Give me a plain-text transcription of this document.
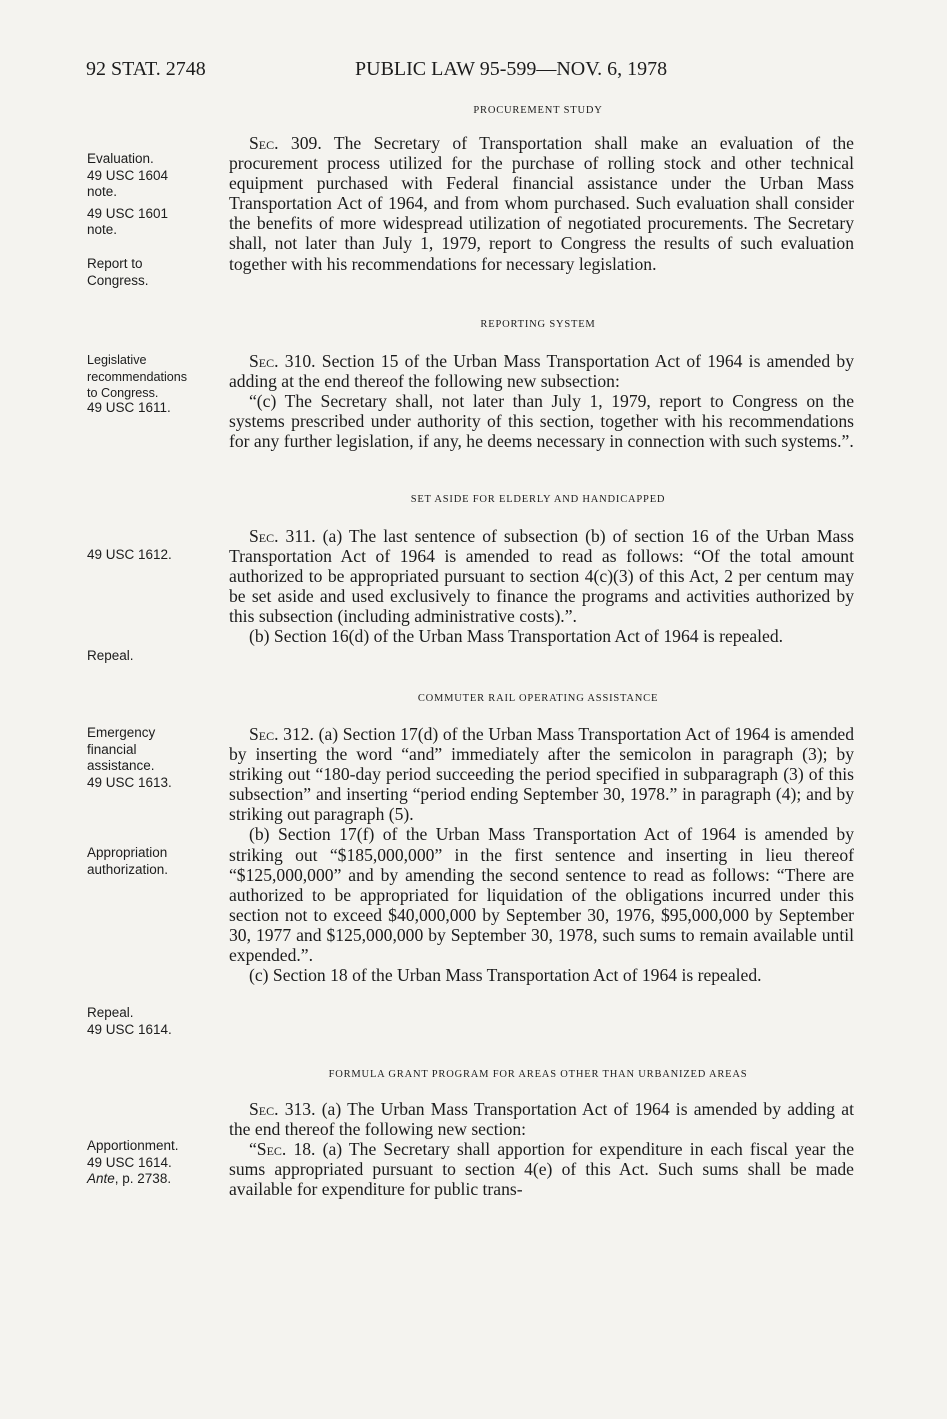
92 STAT. 2748	PUBLIC LAW 95-599—NOV. 6, 1978
Evaluation.
49 USC 1604
note.
49 USC 1601
note.
Report to
Congress.
Legislative
recommendations
to Congress.
49 USC 1611.
49 USC 1612.
Repeal.
Emergency
financial
assistance.
49 USC 1613.
Appropriation
authorization.
Repeal.
49 USC 1614.
Apportionment.
49 USC 1614.
Ante, p. 2738.
PROCUREMENT STUDY
REPORTING SYSTEM
SET ASIDE FOR ELDERLY AND HANDICAPPED
COMMUTER RAIL OPERATING ASSISTANCE
FORMULA GRANT PROGRAM FOR AREAS OTHER THAN URBANIZED AREAS

Sec. 309. The Secretary of Transportation shall make an evaluation of the procurement process utilized for the purchase of rolling stock and other technical equipment purchased with Federal financial assistance under the Urban Mass Transportation Act of 1964, and from whom purchased. Such evaluation shall consider the benefits of more widespread utilization of negotiated procurements. The Secretary shall, not later than July 1, 1979, report to Congress the results of such evaluation together with his recommendations for necessary legislation.

Sec. 310. Section 15 of the Urban Mass Transportation Act of 1964 is amended by adding at the end thereof the following new subsection:

“(c) The Secretary shall, not later than July 1, 1979, report to Congress on the systems prescribed under authority of this section, together with his recommendations for any further legislation, if any, he deems necessary in connection with such systems.”.

Sec. 311. (a) The last sentence of subsection (b) of section 16 of the Urban Mass Transportation Act of 1964 is amended to read as follows: “Of the total amount authorized to be appropriated pursuant to section 4(c)(3) of this Act, 2 per centum may be set aside and used exclusively to finance the programs and activities authorized by this subsection (including administrative costs).”.

(b) Section 16(d) of the Urban Mass Transportation Act of 1964 is repealed.

Sec. 312. (a) Section 17(d) of the Urban Mass Transportation Act of 1964 is amended by inserting the word “and” immediately after the semicolon in paragraph (3); by striking out “180-day period succeeding the period specified in subparagraph (3) of this subsection” and inserting “period ending September 30, 1978.” in paragraph (4); and by striking out paragraph (5).

(b) Section 17(f) of the Urban Mass Transportation Act of 1964 is amended by striking out “$185,000,000” in the first sentence and inserting in lieu thereof “$125,000,000” and by amending the second sentence to read as follows: “There are authorized to be appropriated for liquidation of the obligations incurred under this section not to exceed $40,000,000 by September 30, 1976, $95,000,000 by September 30, 1977 and $125,000,000 by September 30, 1978, such sums to remain available until expended.”.

(c) Section 18 of the Urban Mass Transportation Act of 1964 is repealed.

Sec. 313. (a) The Urban Mass Transportation Act of 1964 is amended by adding at the end thereof the following new section:

“Sec. 18. (a) The Secretary shall apportion for expenditure in each fiscal year the sums appropriated pursuant to section 4(e) of this Act. Such sums shall be made available for expenditure for public trans-
